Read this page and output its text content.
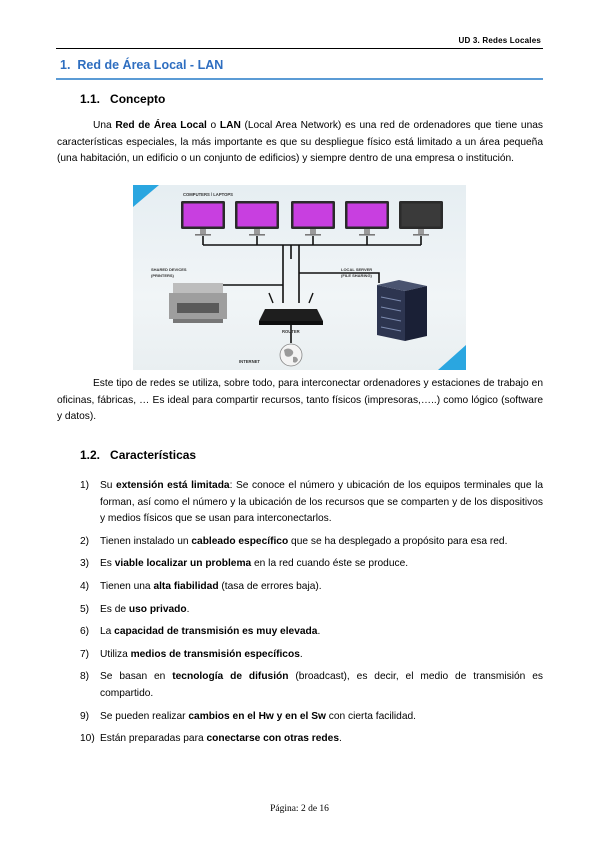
UD 3. Redes Locales
1. Red de Área Local - LAN
1.1. Concepto
Una Red de Área Local o LAN (Local Area Network) es una red de ordenadores que tiene unas características especiales, la más importante es que su despliegue físico está limitado a un área pequeña (una habitación, un edificio o un conjunto de edificios) y siempre dentro de una empresa o institución.
COMPUTERS / LAPTOPS
SHARED DEVICES
(PRINTERS)
ROUTER
LOCAL SERVER
(FILE SHARING)
INTERNET
Este tipo de redes se utiliza, sobre todo, para interconectar ordenadores y estaciones de trabajo en oficinas, fábricas, … Es ideal para compartir recursos, tanto físicos (impresoras,…..) como lógico (software y datos).
1.2. Características
1) Su extensión está limitada: Se conoce el número y ubicación de los equipos terminales que la forman, así como el número y la ubicación de los recursos que se comparten y de los dispositivos y medios físicos que se usan para interconectarlos.
2) Tienen instalado un cableado específico que se ha desplegado a propósito para esa red.
3) Es viable localizar un problema en la red cuando éste se produce.
4) Tienen una alta fiabilidad (tasa de errores baja).
5) Es de uso privado.
6) La capacidad de transmisión es muy elevada.
7) Utiliza medios de transmisión específicos.
8) Se basan en tecnología de difusión (broadcast), es decir, el medio de transmisión es compartido.
9) Se pueden realizar cambios en el Hw y en el Sw con cierta facilidad.
10) Están preparadas para conectarse con otras redes.
Página: 2 de 16
